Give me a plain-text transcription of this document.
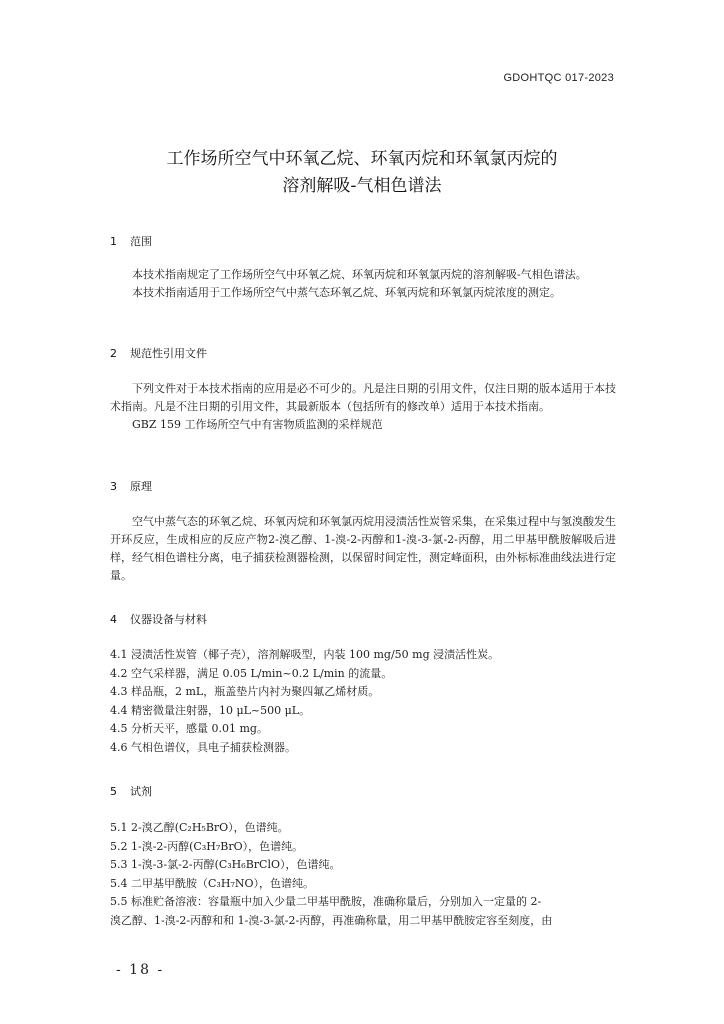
GDOHTQC 017-2023
工作场所空气中环氧乙烷、环氧丙烷和环氧氯丙烷的
溶剂解吸-气相色谱法
1 范围

本技术指南规定了工作场所空气中环氧乙烷、环氧丙烷和环氧氯丙烷的溶剂解吸-气相色谱法。

本技术指南适用于工作场所空气中蒸气态环氧乙烷、环氧丙烷和环氧氯丙烷浓度的测定。

2 规范性引用文件

下列文件对于本技术指南的应用是必不可少的。凡是注日期的引用文件，仅注日期的版本适用于本技术指南。凡是不注日期的引用文件，其最新版本（包括所有的修改单）适用于本技术指南。

GBZ 159 工作场所空气中有害物质监测的采样规范

3 原理

空气中蒸气态的环氧乙烷、环氧丙烷和环氧氯丙烷用浸渍活性炭管采集，在采集过程中与氢溴酸发生开环反应，生成相应的反应产物2-溴乙醇、1-溴-2-丙醇和1-溴-3-氯-2-丙醇，用二甲基甲酰胺解吸后进样，经气相色谱柱分离，电子捕获检测器检测，以保留时间定性，测定峰面积，由外标标准曲线法进行定量。

4 仪器设备与材料
4.1 浸渍活性炭管（椰子壳），溶剂解吸型，内装 100 mg/50 mg 浸渍活性炭。
4.2 空气采样器，满足 0.05 L/min~0.2 L/min 的流量。
4.3 样品瓶，2 mL，瓶盖垫片内衬为聚四氟乙烯材质。
4.4 精密微量注射器，10 μL~500 μL。
4.5 分析天平，感量 0.01 mg。
4.6 气相色谱仪，具电子捕获检测器。
5 试剂
5.1 2-溴乙醇(C₂H₅BrO），色谱纯。
5.2 1-溴-2-丙醇(C₃H₇BrO），色谱纯。
5.3 1-溴-3-氯-2-丙醇(C₃H₆BrClO），色谱纯。
5.4 二甲基甲酰胺（C₃H₇NO），色谱纯。
5.5 标准贮备溶液：容量瓶中加入少量二甲基甲酰胺，准确称量后，分别加入一定量的 2-
溴乙醇、1-溴-2-丙醇和和 1-溴-3-氯-2-丙醇，再准确称量，用二甲基甲酰胺定容至刻度，由
- 18 -
